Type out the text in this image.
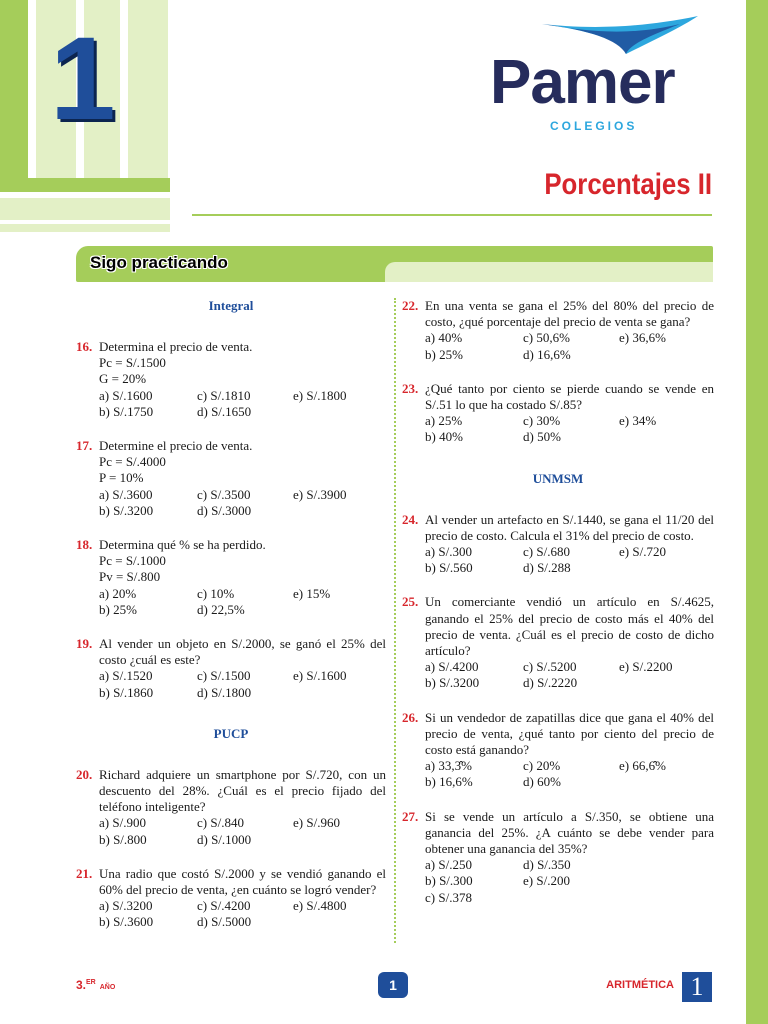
1	Pamer
COLEGIOS
Porcentajes II
Sigo practicando
Integral
16. Determina el precio de venta.
Pc = S/.1500
G = 20%
a) S/.1600	c) S/.1810	e) S/.1800
b) S/.1750	d) S/.1650
17. Determine el precio de venta.
Pc = S/.4000
P = 10%
a) S/.3600	c) S/.3500	e) S/.3900
b) S/.3200	d) S/.3000
18. Determina qué % se ha perdido.
Pc = S/.1000
Pv = S/.800
a) 20%	c) 10%	e) 15%
b) 25%	d) 22,5%
19. Al vender un objeto en S/.2000, se ganó el 25% del costo ¿cuál es este?
a) S/.1520	c) S/.1500	e) S/.1600
b) S/.1860	d) S/.1800
PUCP
20. Richard adquiere un smartphone por S/.720, con un descuento del 28%. ¿Cuál es el precio fijado del teléfono inteligente?
a) S/.900	c) S/.840	e) S/.960
b) S/.800	d) S/.1000
21. Una radio que costó S/.2000 y se vendió ganando el 60% del precio de venta, ¿en cuánto se logró vender?
a) S/.3200	c) S/.4200	e) S/.4800
b) S/.3600	d) S/.5000
22. En una venta se gana el 25% del 80% del precio de costo, ¿qué porcentaje del precio de venta se gana?
a) 40%	c) 50,6%	e) 36,6%
b) 25%	d) 16,6%
23. ¿Qué tanto por ciento se pierde cuando se vende en S/.51 lo que ha costado S/.85?
a) 25%	c) 30%	e) 34%
b) 40%	d) 50%
UNMSM
24. Al vender un artefacto en S/.1440, se gana el 11/20 del precio de costo. Calcula el 31% del precio de costo.
a) S/.300	c) S/.680	e) S/.720
b) S/.560	d) S/.288
25. Un comerciante vendió un artículo en S/.4625, ganando el 25% del precio de costo más el 40% del precio de venta. ¿Cuál es el precio de costo de dicho artículo?
a) S/.4200	c) S/.5200	e) S/.2200
b) S/.3200	d) S/.2220
26. Si un vendedor de zapatillas dice que gana el 40% del precio de venta, ¿qué tanto por ciento del precio de costo está ganando?
a) 33,3̂%	c) 20%	e) 66,6̂%
b) 16,6%	d) 60%
27. Si se vende un artículo a S/.350, se obtiene una ganancia del 25%. ¿A cuánto se debe vender para obtener una ganancia del 35%?
a) S/.250	d) S/.350
b) S/.300	e) S/.200
c) S/.378
3.$^{ER}$AÑO	1	ARITMÉTICA 1
